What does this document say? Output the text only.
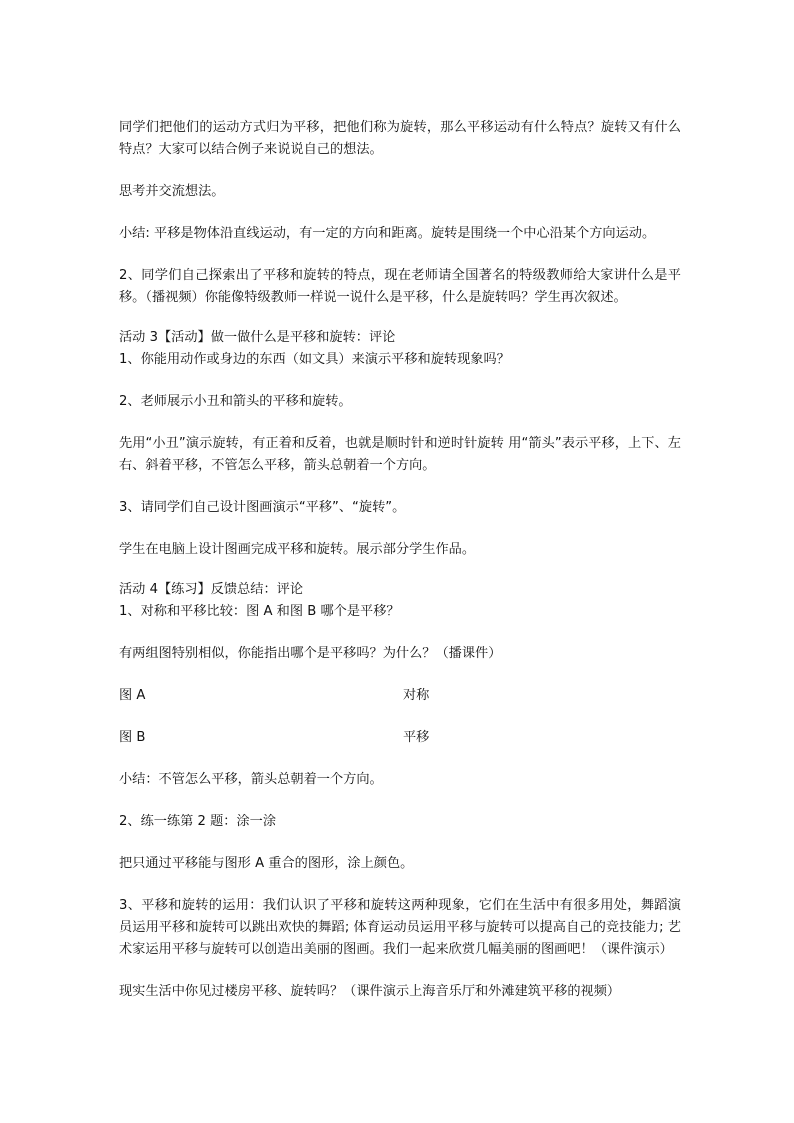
同学们把他们的运动方式归为平移，把他们称为旋转，那么平移运动有什么特点？旋转又有什么特点？大家可以结合例子来说说自己的想法。

思考并交流想法。

小结: 平移是物体沿直线运动，有一定的方向和距离。旋转是围绕一个中心沿某个方向运动。

2、同学们自己探索出了平移和旋转的特点，现在老师请全国著名的特级教师给大家讲什么是平移。（播视频）你能像特级教师一样说一说什么是平移，什么是旋转吗？学生再次叙述。

活动 3【活动】做一做什么是平移和旋转：评论

1、你能用动作或身边的东西（如文具）来演示平移和旋转现象吗？

2、老师展示小丑和箭头的平移和旋转。

先用“小丑”演示旋转，有正着和反着，也就是顺时针和逆时针旋转 用“箭头”表示平移，上下、左右、斜着平移，不管怎么平移，箭头总朝着一个方向。

3、请同学们自己设计图画演示“平移”、“旋转”。

学生在电脑上设计图画完成平移和旋转。展示部分学生作品。

活动 4【练习】反馈总结：评论

1、对称和平移比较：图 A 和图 B 哪个是平移？

有两组图特别相似，你能指出哪个是平移吗？为什么？（播课件）

图 A	对称
图 B	平移

小结：不管怎么平移，箭头总朝着一个方向。

2、练一练第 2 题：涂一涂

把只通过平移能与图形 A 重合的图形，涂上颜色。

3、平移和旋转的运用：我们认识了平移和旋转这两种现象，它们在生活中有很多用处，舞蹈演员运用平移和旋转可以跳出欢快的舞蹈; 体育运动员运用平移与旋转可以提高自己的竞技能力; 艺术家运用平移与旋转可以创造出美丽的图画。我们一起来欣赏几幅美丽的图画吧！（课件演示）

现实生活中你见过楼房平移、旋转吗？（课件演示上海音乐厅和外滩建筑平移的视频）
